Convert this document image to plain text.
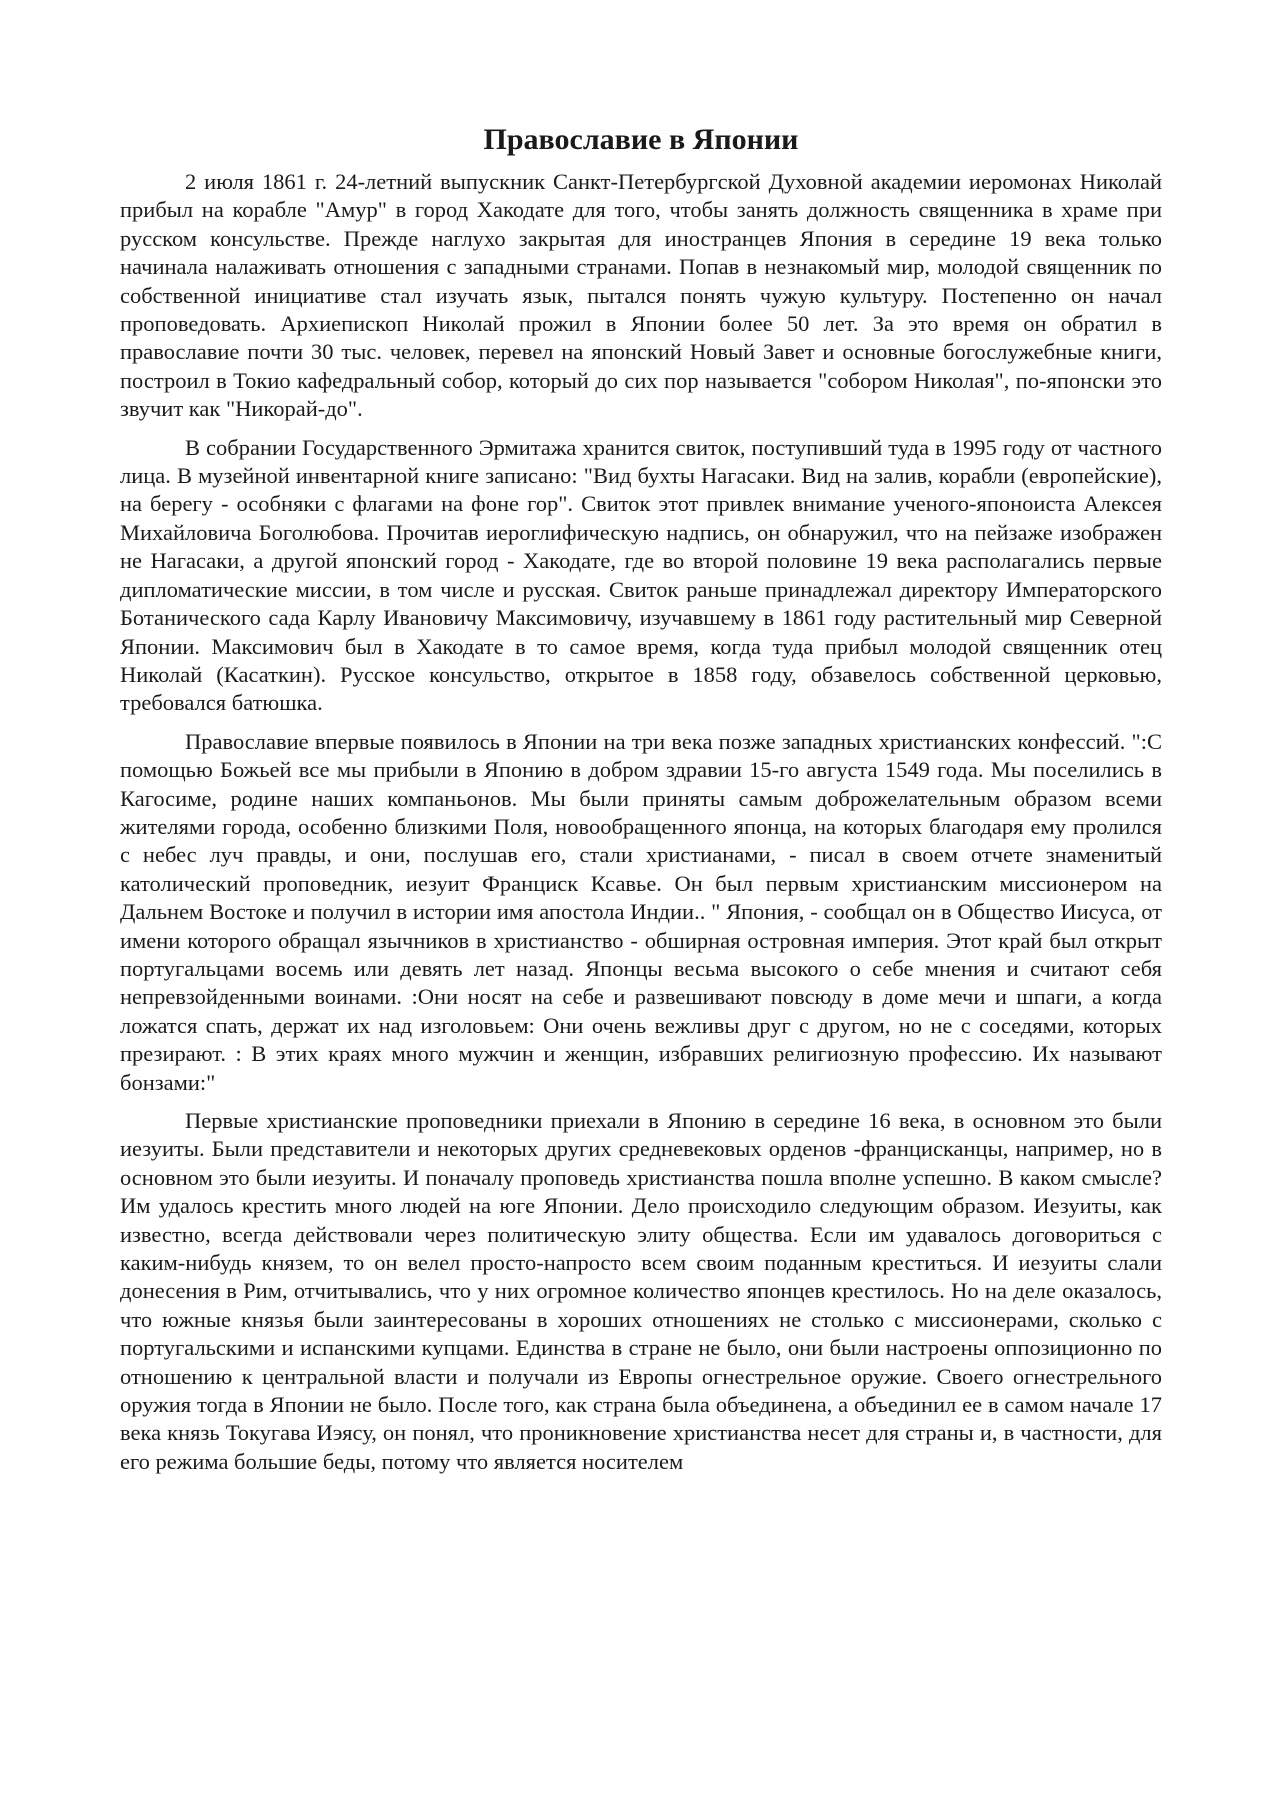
Православие в Японии

2 июля 1861 г. 24-летний выпускник Санкт-Петербургской Духовной академии иеромонах Николай прибыл на корабле "Амур" в город Хакодате для того, чтобы занять должность священника в храме при русском консульстве. Прежде наглухо закрытая для иностранцев Япония в середине 19 века только начинала налаживать отношения с западными странами. Попав в незнакомый мир, молодой священник по собственной инициативе стал изучать язык, пытался понять чужую культуру. Постепенно он начал проповедовать. Архиепископ Николай прожил в Японии более 50 лет. За это время он обратил в православие почти 30 тыс. человек, перевел на японский Новый Завет и основные богослужебные книги, построил в Токио кафедральный собор, который до сих пор называется "собором Николая", по-японски это звучит как "Никорай-до".

В собрании Государственного Эрмитажа хранится свиток, поступивший туда в 1995 году от частного лица. В музейной инвентарной книге записано: "Вид бухты Нагасаки. Вид на залив, корабли (европейские), на берегу - особняки с флагами на фоне гор". Свиток этот привлек внимание ученого-японоиста Алексея Михайловича Боголюбова. Прочитав иероглифическую надпись, он обнаружил, что на пейзаже изображен не Нагасаки, а другой японский город - Хакодате, где во второй половине 19 века располагались первые дипломатические миссии, в том числе и русская. Свиток раньше принадлежал директору Императорского Ботанического сада Карлу Ивановичу Максимовичу, изучавшему в 1861 году растительный мир Северной Японии. Максимович был в Хакодате в то самое время, когда туда прибыл молодой священник отец Николай (Касаткин). Русское консульство, открытое в 1858 году, обзавелось собственной церковью, требовался батюшка.

Православие впервые появилось в Японии на три века позже западных христианских конфессий. ":С помощью Божьей все мы прибыли в Японию в добром здравии 15-го августа 1549 года. Мы поселились в Кагосиме, родине наших компаньонов. Мы были приняты самым доброжелательным образом всеми жителями города, особенно близкими Поля, новообращенного японца, на которых благодаря ему пролился с небес луч правды, и они, послушав его, стали христианами, - писал в своем отчете знаменитый католический проповедник, иезуит Франциск Ксавье. Он был первым христианским миссионером на Дальнем Востоке и получил в истории имя апостола Индии.. " Япония, - сообщал он в Общество Иисуса, от имени которого обращал язычников в христианство - обширная островная империя. Этот край был открыт португальцами восемь или девять лет назад. Японцы весьма высокого о себе мнения и считают себя непревзойденными воинами. :Они носят на себе и развешивают повсюду в доме мечи и шпаги, а когда ложатся спать, держат их над изголовьем: Они очень вежливы друг с другом, но не с соседями, которых презирают. : В этих краях много мужчин и женщин, избравших религиозную профессию. Их называют бонзами:"

Первые христианские проповедники приехали в Японию в середине 16 века, в основном это были иезуиты. Были представители и некоторых других средневековых орденов -францисканцы, например, но в основном это были иезуиты. И поначалу проповедь христианства пошла вполне успешно. В каком смысле? Им удалось крестить много людей на юге Японии. Дело происходило следующим образом. Иезуиты, как известно, всегда действовали через политическую элиту общества. Если им удавалось договориться с каким-нибудь князем, то он велел просто-напросто всем своим поданным креститься. И иезуиты слали донесения в Рим, отчитывались, что у них огромное количество японцев крестилось. Но на деле оказалось, что южные князья были заинтересованы в хороших отношениях не столько с миссионерами, сколько с португальскими и испанскими купцами. Единства в стране не было, они были настроены оппозиционно по отношению к центральной власти и получали из Европы огнестрельное оружие. Своего огнестрельного оружия тогда в Японии не было. После того, как страна была объединена, а объединил ее в самом начале 17 века князь Токугава Иэясу, он понял, что проникновение христианства несет для страны и, в частности, для его режима большие беды, потому что является носителем
